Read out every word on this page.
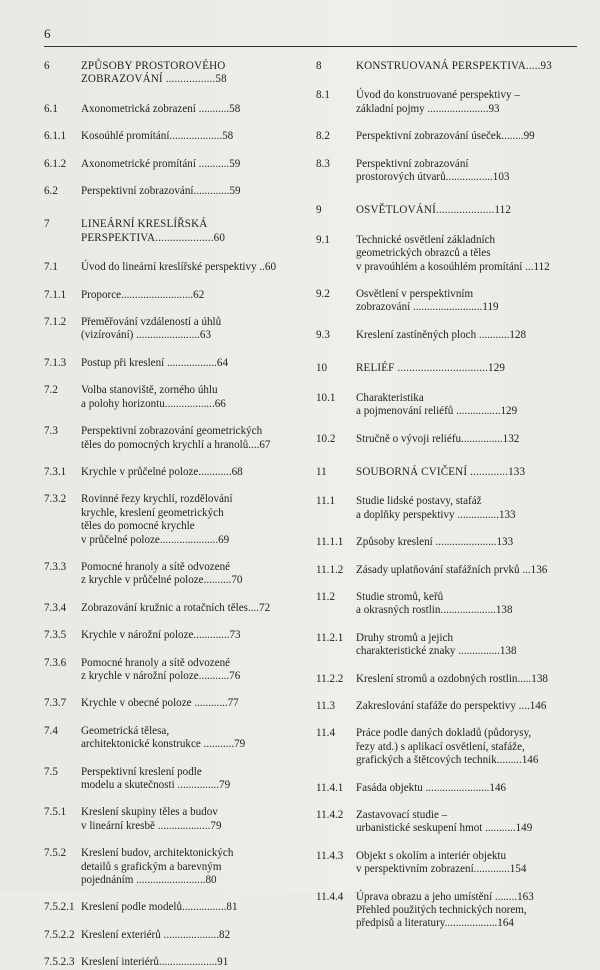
6
6	ZPŮSOBY PROSTOROVÉHO
ZOBRAZOVÁNÍ .................58
6.1 Axonometrická zobrazení ...........58
6.1.1 Kosoúhlé promítání...................58
6.1.2 Axonometrické promítání ...........59
6.2 Perspektivní zobrazování.............59
7	LINEÁRNÍ KRESLÍŘSKÁ
PERSPEKTIVA....................60
7.1 Úvod do lineární kreslířské perspektivy ..60
7.1.1 Proporce..........................62
7.1.2 Přeměřování vzdáleností a úhlů
(vizírování) .......................63
7.1.3 Postup při kreslení ..................64
7.2 Volba stanoviště, zorného úhlu
a polohy horizontu..................66
7.3 Perspektivní zobrazování geometrických
těles do pomocných krychlí a hranolů....67
7.3.1 Krychle v průčelné poloze............68
7.3.2 Rovinné řezy krychlí, rozdělování
krychle, kreslení geometrických
těles do pomocné krychle
v průčelné poloze.....................69
7.3.3 Pomocné hranoly a sítě odvozené
z krychle v průčelné poloze..........70
7.3.4 Zobrazování kružnic a rotačních těles....72
7.3.5 Krychle v nárožní poloze.............73
7.3.6 Pomocné hranoly a sítě odvozené
z krychle v nárožní poloze...........76
7.3.7 Krychle v obecné poloze ............77
7.4 Geometrická tělesa,
architektonické konstrukce ...........79
7.5 Perspektivní kreslení podle
modelu a skutečnosti ...............79
7.5.1 Kreslení skupiny těles a budov
v lineární kresbě ...................79
7.5.2 Kreslení budov, architektonických
detailů s grafickým a barevným
pojednáním .........................80
7.5.2.1 Kreslení podle modelů................81
7.5.2.2 Kreslení exteriérů ....................82
7.5.2.3 Kreslení interiérů.....................91
8	KONSTRUOVANÁ PERSPEKTIVA.....93
8.1 Úvod do konstruované perspektivy –
základní pojmy ......................93
8.2 Perspektivní zobrazování úseček........99
8.3 Perspektivní zobrazování
prostorových útvarů.................103
9	OSVĚTLOVÁNÍ....................112
9.1 Technické osvětlení základních
geometrických obrazců a těles
v pravoúhlém a kosoúhlém promítání ...112
9.2 Osvětlení v perspektivním
zobrazování .........................119
9.3 Kreslení zastíněných ploch ...........128
10	RELIÉF ...............................129
10.1 Charakteristika
a pojmenování reliéfů ................129
10.2 Stručně o vývoji reliéfu...............132
11	SOUBORNÁ CVIČENÍ .............133
11.1 Studie lidské postavy, stafáž
a doplňky perspektivy ...............133
11.1.1 Způsoby kreslení ......................133
11.1.2 Zásady uplatňování stafážních prvků ...136
11.2 Studie stromů, keřů
a okrasných rostlin....................138
11.2.1 Druhy stromů a jejich
charakteristické znaky ...............138
11.2.2 Kreslení stromů a ozdobných rostlin.....138
11.3 Zakreslování stafáže do perspektivy ....146
11.4 Práce podle daných dokladů (půdorysy,
řezy atd.) s aplikací osvětlení, stafáže,
grafických a štětcových technik.........146
11.4.1 Fasáda objektu .......................146
11.4.2 Zastavovací studie –
urbanistické seskupení hmot ...........149
11.4.3 Objekt s okolím a interiér objektu
v perspektivním zobrazení.............154
11.4.4 Úprava obrazu a jeho umístění ........163
Přehled použitých technických norem,
předpisů a literatury...................164
